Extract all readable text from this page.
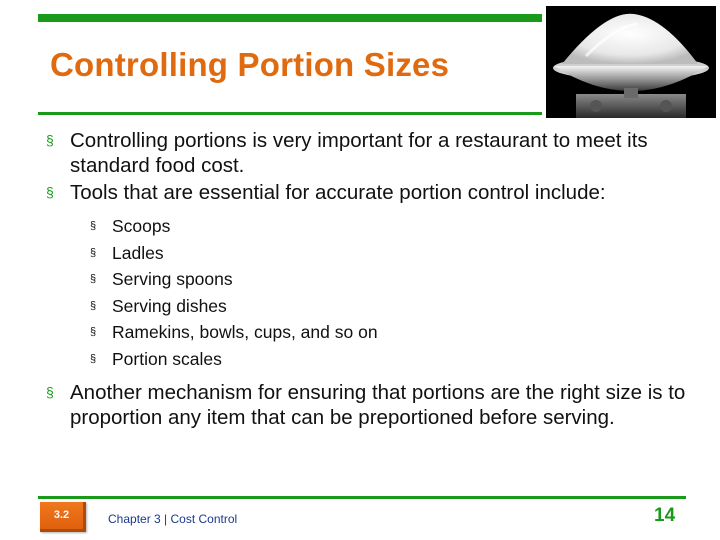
Controlling Portion Sizes
§ Controlling portions is very important for a restaurant to meet its standard food cost.
§ Tools that are essential for accurate portion control include:
§ Scoops
§ Ladles
§ Serving spoons
§ Serving dishes
§ Ramekins, bowls, cups, and so on
§ Portion scales
§ Another mechanism for ensuring that portions are the right size is to proportion any item that can be preportioned before serving.
3.2	Chapter 3 | Cost Control	14
